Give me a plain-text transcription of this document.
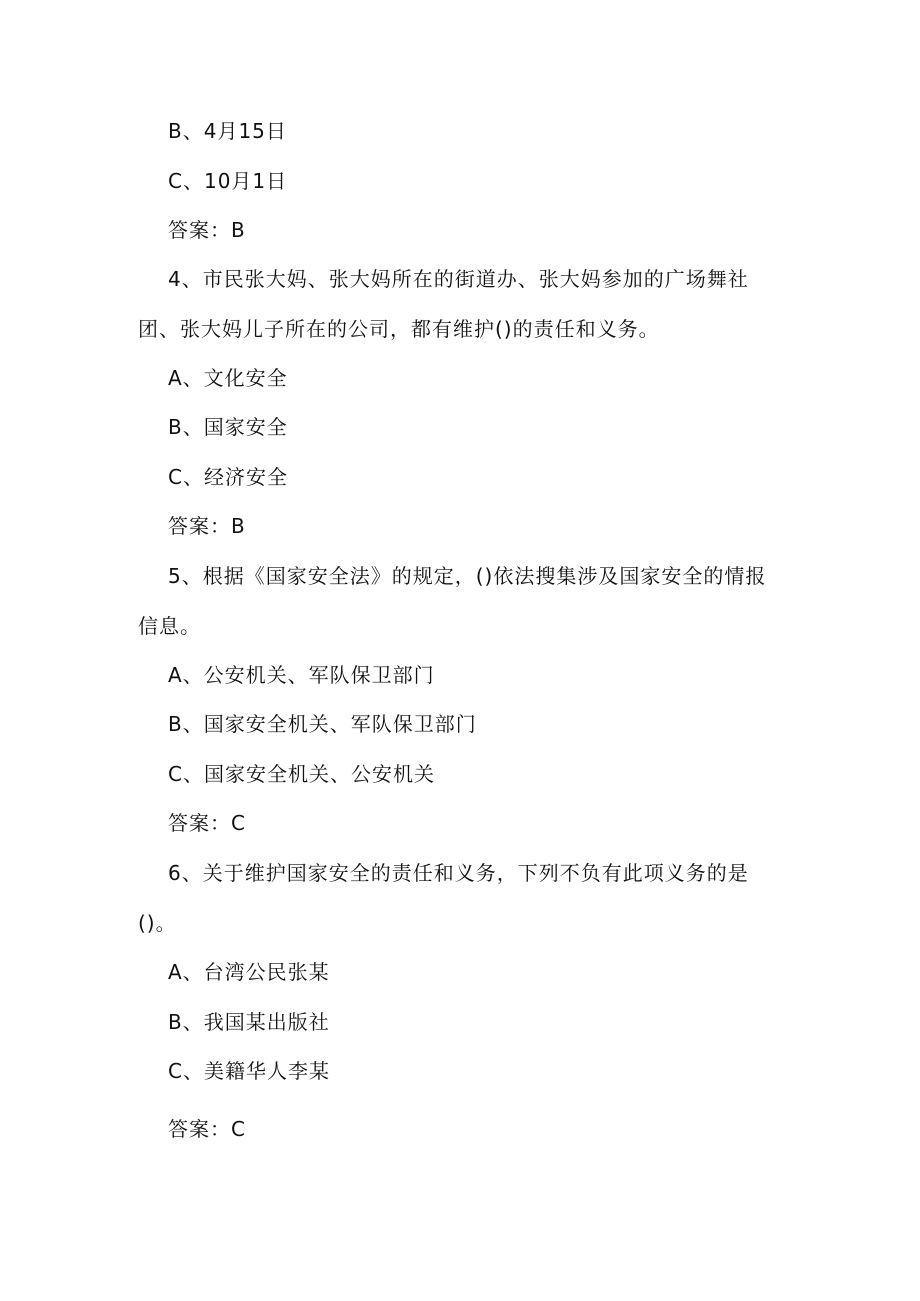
B、4月15日
C、10月1日
答案：B
4、市民张大妈、张大妈所在的街道办、张大妈参加的广场舞社
团、张大妈儿子所在的公司，都有维护()的责任和义务。
A、文化安全
B、国家安全
C、经济安全
答案：B
5、根据《国家安全法》的规定，()依法搜集涉及国家安全的情报
信息。
A、公安机关、军队保卫部门
B、国家安全机关、军队保卫部门
C、国家安全机关、公安机关
答案：C
6、关于维护国家安全的责任和义务，下列不负有此项义务的是
()。
A、台湾公民张某
B、我国某出版社
C、美籍华人李某
答案：C
